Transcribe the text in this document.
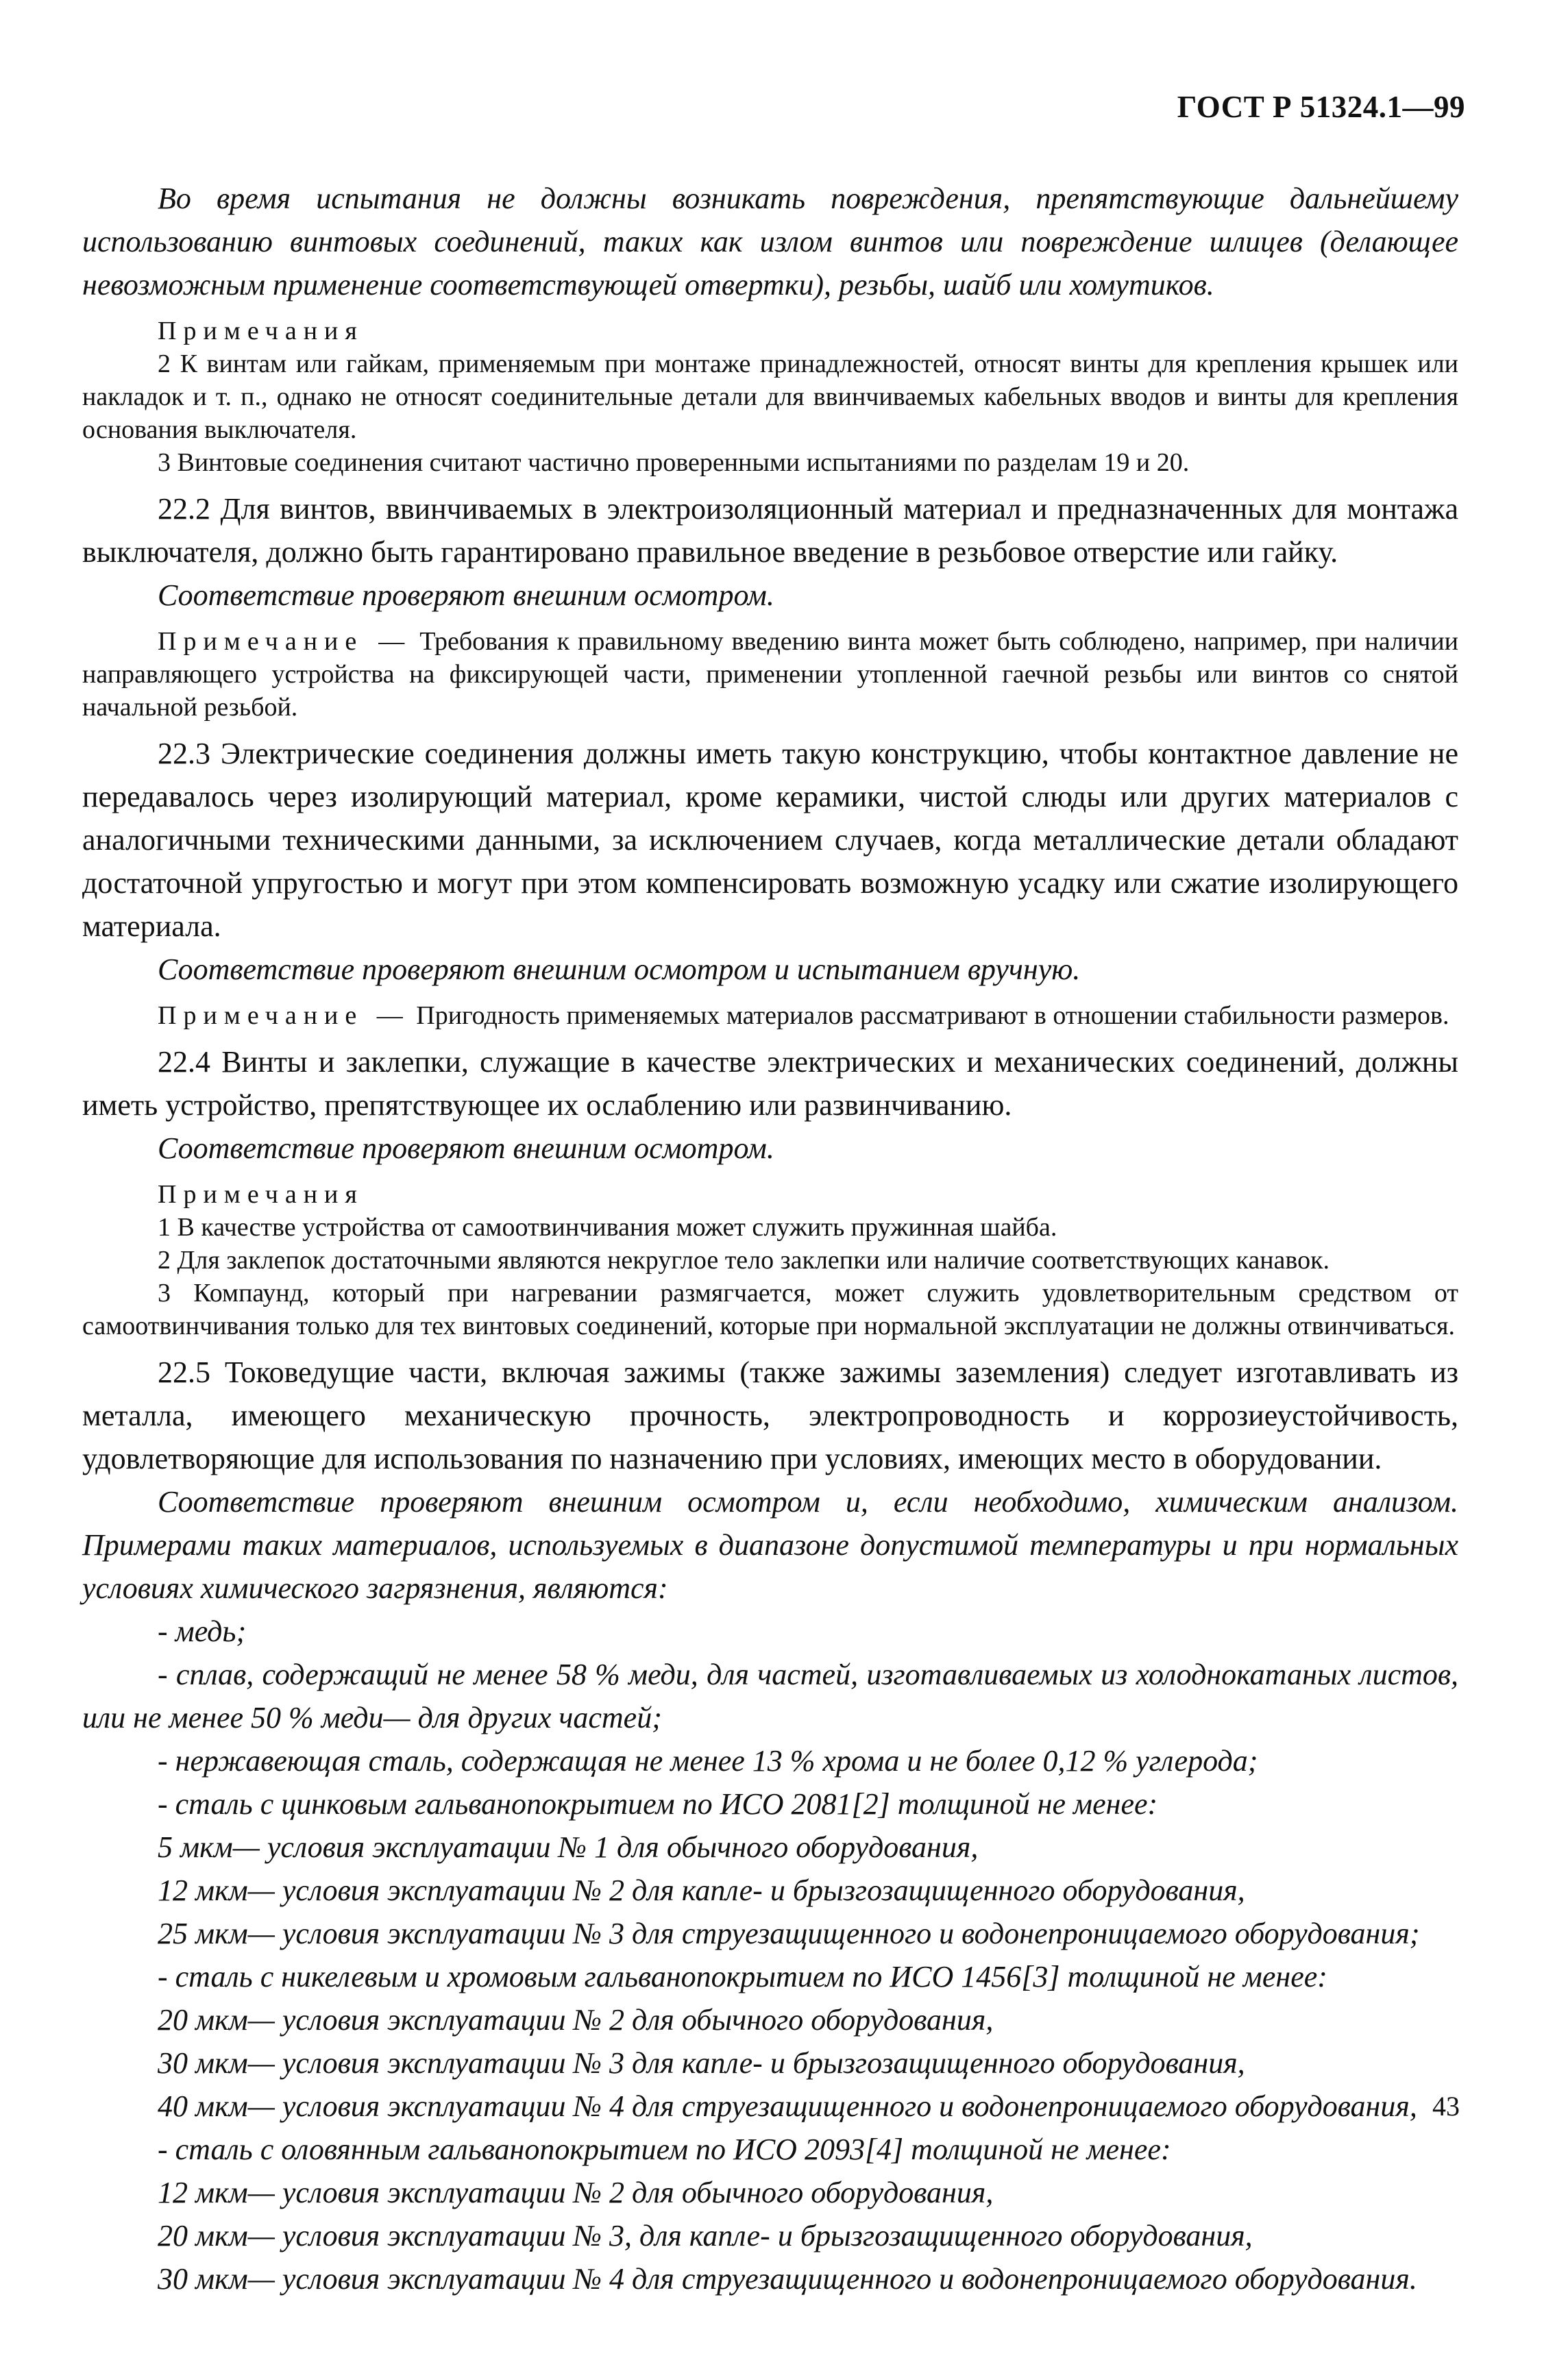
ГОСТ Р 51324.1—99

Во время испытания не должны возникать повреждения, препятствующие дальнейшему использованию винтовых соединений, таких как излом винтов или повреждение шлицев (делающее невозможным применение соответствующей отвертки), резьбы, шайб или хомутиков.

Примечания

2 К винтам или гайкам, применяемым при монтаже принадлежностей, относят винты для крепления крышек или накладок и т. п., однако не относят соединительные детали для ввинчиваемых кабельных вводов и винты для крепления основания выключателя.

3 Винтовые соединения считают частично проверенными испытаниями по разделам 19 и 20.

22.2 Для винтов, ввинчиваемых в электроизоляционный материал и предназначенных для монтажа выключателя, должно быть гарантировано правильное введение в резьбовое отверстие или гайку.

Соответствие проверяют внешним осмотром.

Примечание — Требования к правильному введению винта может быть соблюдено, например, при наличии направляющего устройства на фиксирующей части, применении утопленной гаечной резьбы или винтов со снятой начальной резьбой.

22.3 Электрические соединения должны иметь такую конструкцию, чтобы контактное давление не передавалось через изолирующий материал, кроме керамики, чистой слюды или других материалов с аналогичными техническими данными, за исключением случаев, когда металлические детали обладают достаточной упругостью и могут при этом компенсировать возможную усадку или сжатие изолирующего материала.

Соответствие проверяют внешним осмотром и испытанием вручную.

Примечание — Пригодность применяемых материалов рассматривают в отношении стабильности размеров.

22.4 Винты и заклепки, служащие в качестве электрических и механических соединений, должны иметь устройство, препятствующее их ослаблению или развинчиванию.

Соответствие проверяют внешним осмотром.

Примечания

1 В качестве устройства от самоотвинчивания может служить пружинная шайба.

2 Для заклепок достаточными являются некруглое тело заклепки или наличие соответствующих канавок.

3 Компаунд, который при нагревании размягчается, может служить удовлетворительным средством от самоотвинчивания только для тех винтовых соединений, которые при нормальной эксплуатации не должны отвинчиваться.

22.5 Токоведущие части, включая зажимы (также зажимы заземления) следует изготавливать из металла, имеющего механическую прочность, электропроводность и коррозиеустойчивость, удовлетворяющие для использования по назначению при условиях, имеющих место в оборудовании.

Соответствие проверяют внешним осмотром и, если необходимо, химическим анализом. Примерами таких материалов, используемых в диапазоне допустимой температуры и при нормальных условиях химического загрязнения, являются:

- медь;

- сплав, содержащий не менее 58 % меди, для частей, изготавливаемых из холоднокатаных листов, или не менее 50 % меди— для других частей;

- нержавеющая сталь, содержащая не менее 13 % хрома и не более 0,12 % углерода;

- сталь с цинковым гальванопокрытием по ИСО 2081[2] толщиной не менее:

5 мкм— условия эксплуатации № 1 для обычного оборудования,

12 мкм— условия эксплуатации № 2 для капле- и брызгозащищенного оборудования,

25 мкм— условия эксплуатации № 3 для струезащищенного и водонепроницаемого оборудования;

- сталь с никелевым и хромовым гальванопокрытием по ИСО 1456[3] толщиной не менее:

20 мкм— условия эксплуатации № 2 для обычного оборудования,

30 мкм— условия эксплуатации № 3 для капле- и брызгозащищенного оборудования,

40 мкм— условия эксплуатации № 4 для струезащищенного и водонепроницаемого оборудования,

- сталь с оловянным гальванопокрытием по ИСО 2093[4] толщиной не менее:

12 мкм— условия эксплуатации № 2 для обычного оборудования,

20 мкм— условия эксплуатации № 3, для капле- и брызгозащищенного оборудования,

30 мкм— условия эксплуатации № 4 для струезащищенного и водонепроницаемого оборудования.

43
